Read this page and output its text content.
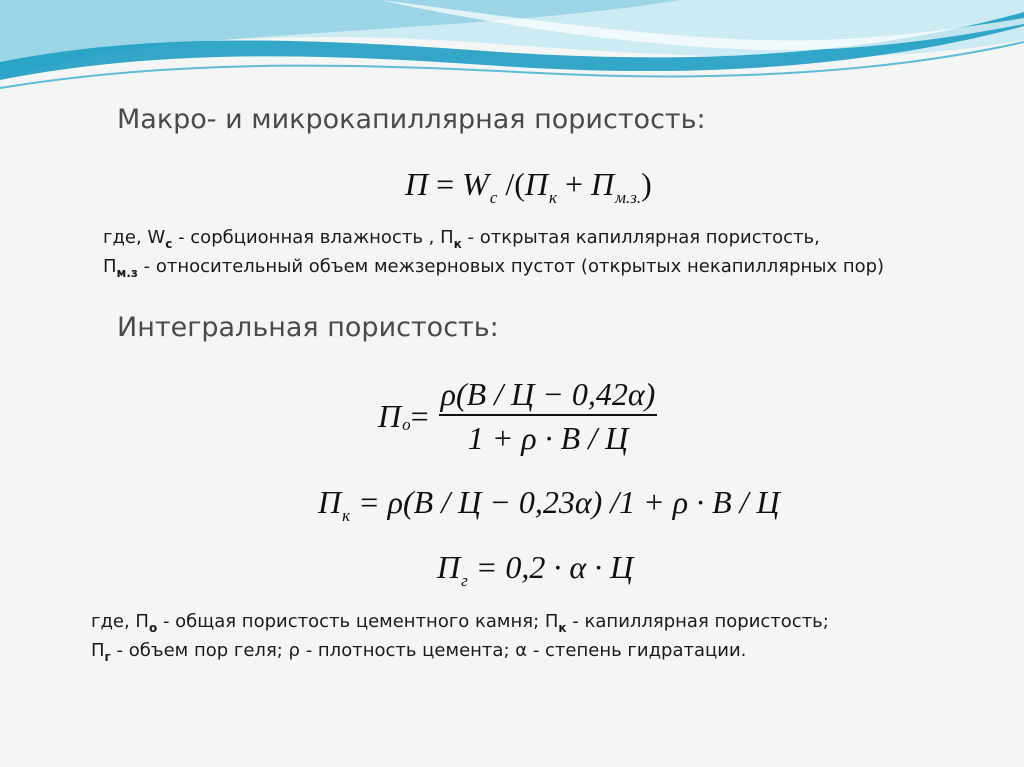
Макро- и микрокапиллярная пористость:
$П = W_c$ $/(П_к + П_{м.з.})$
где, $W_c$ - сорбционная влажность , $П_к$ - открытая капиллярная пористость,
$П_{м.з}$ - относительный объем межзерновых пустот (открытых некапиллярных пор)
Интегральная пористость:
П $о = \frac{\rho(В / Ц - 0,42\alpha)}{1 + \rho \cdot В / Ц}$
$П_к = \rho(В / Ц - 0,23\alpha) /1 + \rho \cdot В / Ц$
$П_г = 0,2 \cdot \alpha \cdot Ц$
где, $П_о$ - общая пористость цементного камня; $П_к$ - капиллярная пористость;
$П_г$ - объем пор геля; ρ - плотность цемента; α - степень гидратации.
